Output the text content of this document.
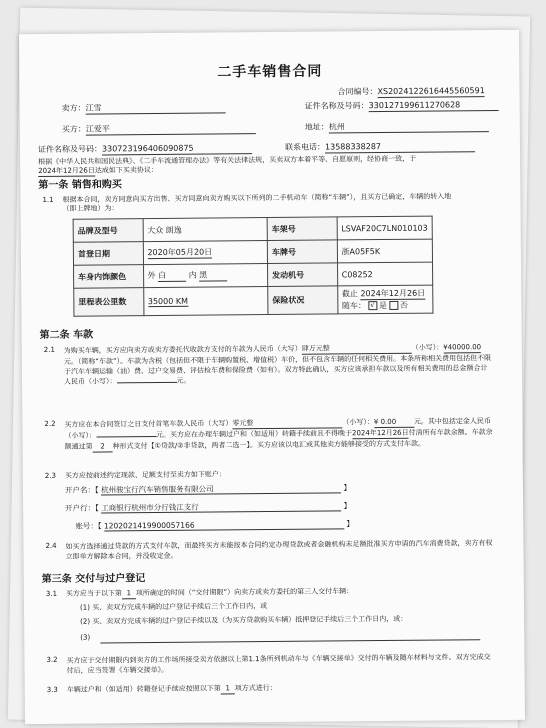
二手车销售合同
合同编号：XS20241226164455605​91
卖方：江雪	证件名称及号码：330127199611270628
买方：江爱平	地址：杭州
证件名称及号码：330723196406090875	联系电话：13588338287
根据《中华人民共和国民法典》、《二手车流通管理办法》等有关法律法规，买卖双方本着平等、自愿原则，经协商一致，于2024年12月26日达成如下买卖协议：
第一条 销售和购买
1.1 根据本合同，卖方同意向买方出售、买方同意向卖方购买以下所列的二手机动车（简称“车辆”），且买方已确定，车辆的转入地（即上牌地）为：
品牌及型号	大众 朗逸	车架号	LSVAF20C7LN010103
首登日期	2020年05月20日	车牌号	浙A05F5K
车身内饰颜色	外 白 内 黑	发动机号	C08252
里程表公里数	35000 KM	保险状况	截止 2024年12月26日
随车： √ 是 否
第二条 车款
2.1 为购买车辆，买方应向卖方或卖方委托代收款方支付的车款为人民币（大写）肆万元整	（小写）：¥40000.00元。（简称“车款”）。车款为含税（包括但不限于车辆购置税、增值税）车价，但不包含车辆的任何相关费用。本条所称相关费用包括但不限于汽车车辆运输（油）费、过户交易费、评估检车费和保险费（如有）。双方特此确认，买方应该承担车款以及所有相关费用的总金额合计人民币（小写）：	元。
2.2 买方应在本合同签订之日支付首笔车款人民币（大写）零元整	（小写）：¥ 0.00	元。其中包括定金人民币（小写）：	元。买方应在办理车辆过户和（如适用）转籍手续前且不得晚于2024年12月26日付清所有车款余额。车款余额通过第 2 种形式支付【①贷款/②非贷款，两者二选一】。买方应该以电汇或其他卖方能够接受的方式支付车款。
2.3 买方应按前述约定现款、足额支付至卖方如下账户：
开户名：【 杭州骏宝行汽车销售服务有限公司	】
开户行：【 工商银行杭州市分行钱江支行	】
账号：【 1202021419900057166	】
2.4 如买方选择通过贷款的方式支付车款，而最终买方未能按本合同约定办理贷款或者金融机构未足额批准买方申请的汽车消费贷款，卖方有权立即单方解除本合同，并没收定金。
第三条 交付与过户登记
3.1 买方应当于以下第 1 项所确定的时间（“交付期限”）向卖方或卖方委托的第三人交付车辆：
(1) 买、卖双方完成车辆的过户登记手续后三个工作日内，或
(2) 买、卖双方完成车辆的过户登记手续以及（为买方贷款购买车辆）抵押登记手续后三个工作日内，或：
(3)
3.2 买方应于交付期限内到卖方的工作场所接受卖方依据以上第1.1条所列机动车与《车辆交接单》交付的车辆及随车材料与文件。双方完成交付后，应当签署《车辆交接单》。
3.3 车辆过户和（如适用）转籍登记手续应按照以下第 1 项方式进行：
